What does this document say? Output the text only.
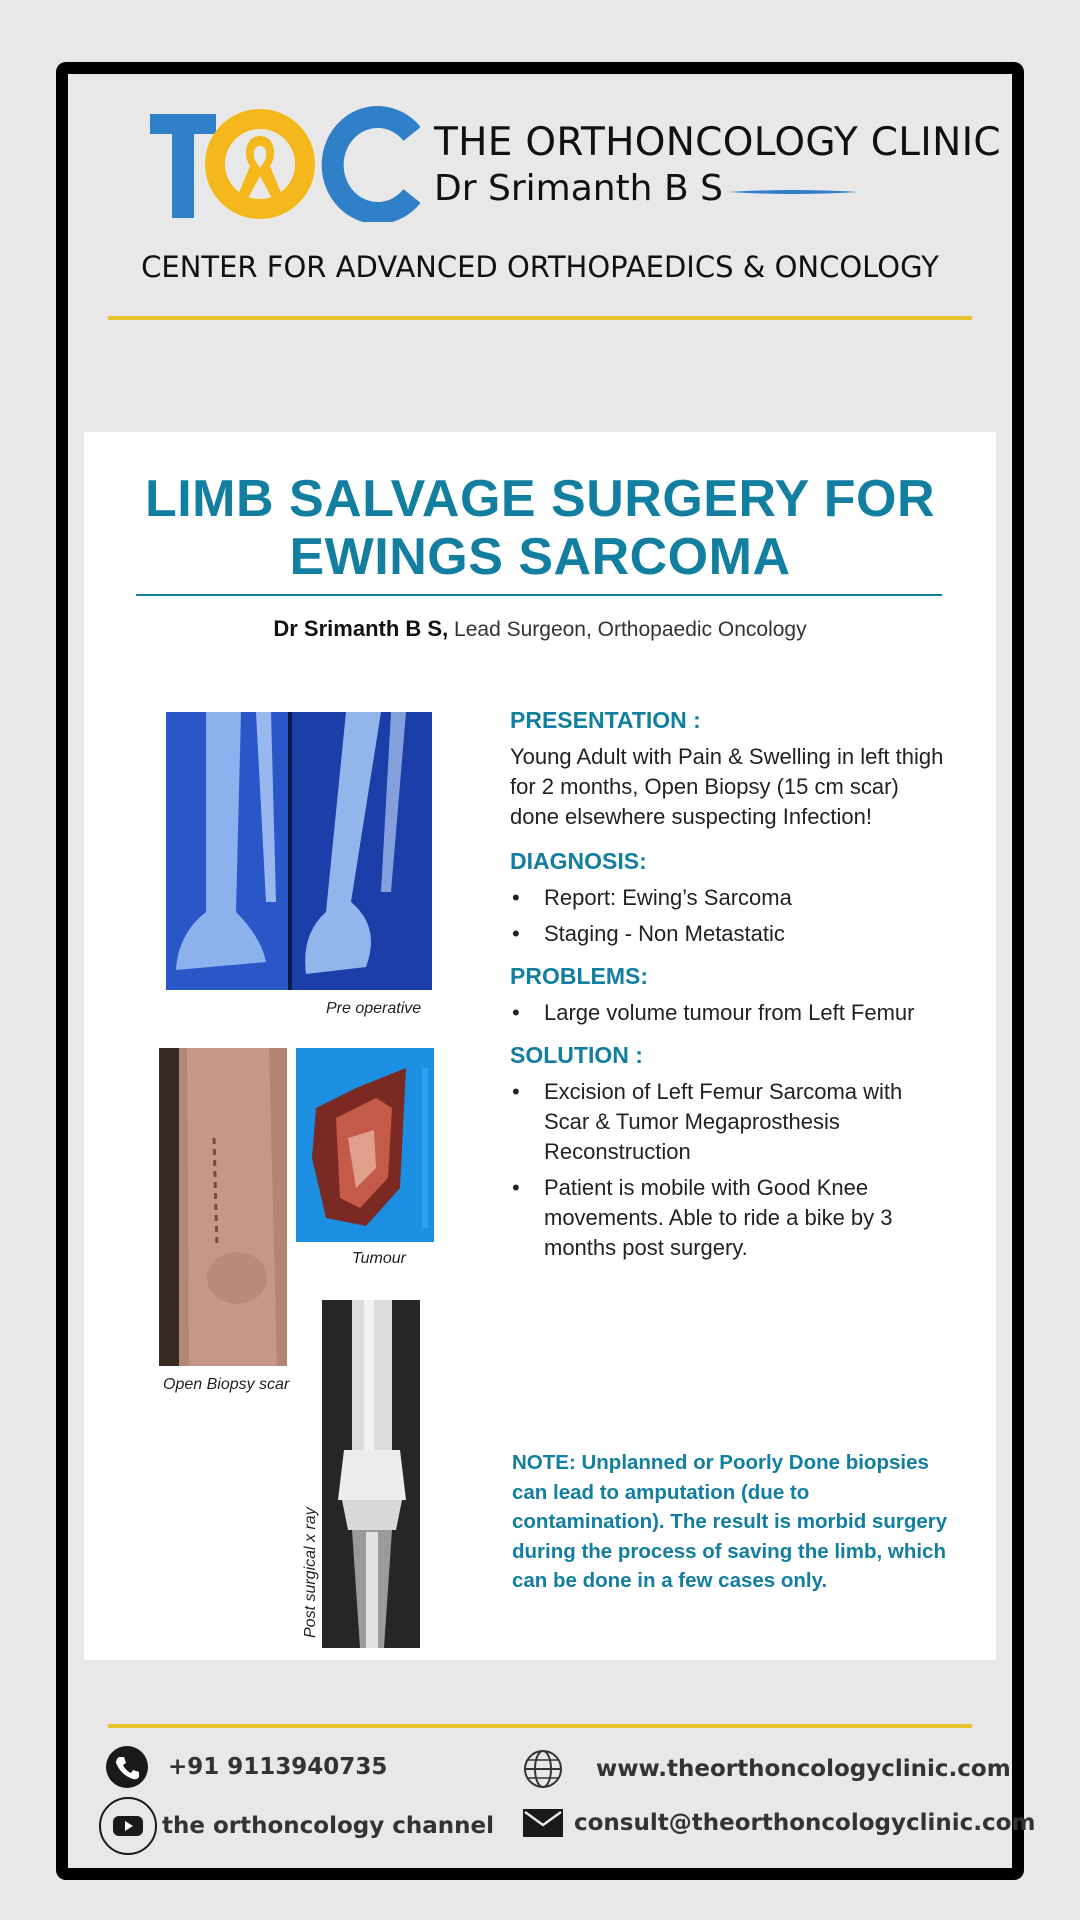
THE ORTHONCOLOGY CLINIC
Dr Srimanth B S
CENTER FOR ADVANCED ORTHOPAEDICS & ONCOLOGY
LIMB SALVAGE SURGERY FOR
EWINGS SARCOMA
Dr Srimanth B S, Lead Surgeon, Orthopaedic Oncology
Pre operative
Open Biopsy scar
Tumour
Post surgical x ray
PRESENTATION :
Young Adult with Pain & Swelling in left thigh for 2 months, Open Biopsy (15 cm scar) done elsewhere suspecting Infection!
DIAGNOSIS:
• Report: Ewing’s Sarcoma
• Staging - Non Metastatic
PROBLEMS:
• Large volume tumour from Left Femur
SOLUTION :
• Excision of Left Femur Sarcoma with Scar & Tumor Megaprosthesis Reconstruction
• Patient is mobile with Good Knee movements. Able to ride a bike by 3 months post surgery.
NOTE: Unplanned or Poorly Done biopsies can lead to amputation (due to contamination). The result is morbid surgery during the process of saving the limb, which can be done in a few cases only.
+91 9113940735	www.theorthoncologyclinic.com
the orthoncology channel	consult@theorthoncologyclinic.com
